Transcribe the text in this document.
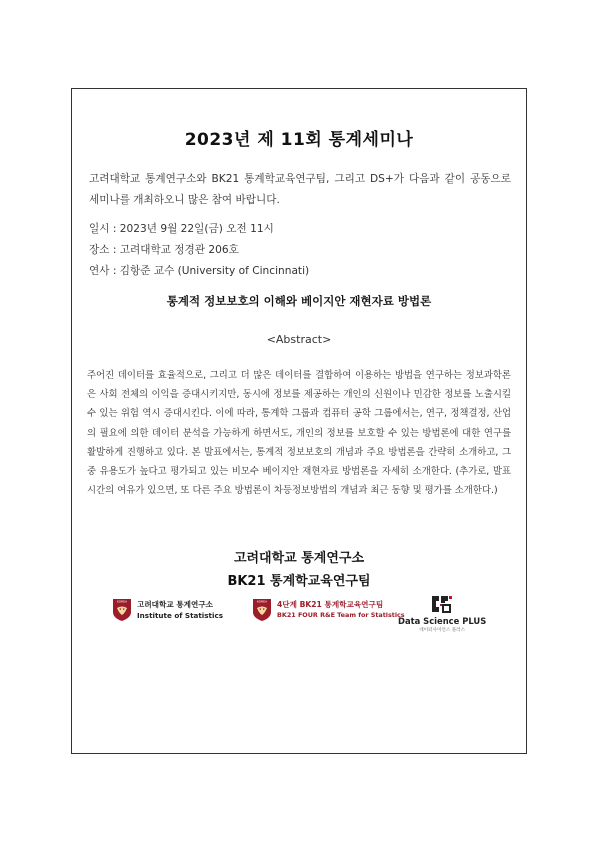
2023년 제 11회 통계세미나
고려대학교 통계연구소와 BK21 통계학교육연구팀, 그리고 DS+가 다음과 같이 공동으로 세미나를 개최하오니 많은 참여 바랍니다.
일시 : 2023년 9월 22일(금) 오전 11시
장소 : 고려대학교 정경관 206호
연사 : 김항준 교수 (University of Cincinnati)
통계적 정보보호의 이해와 베이지안 재현자료 방법론
<Abstract>
주어진 데이터를 효율적으로, 그리고 더 많은 데이터를 결합하여 이용하는 방법을 연구하는 정보과학론은 사회 전체의 이익을 증대시키지만, 동시에 정보를 제공하는 개인의 신원이나 민감한 정보를 노출시킬 수 있는 위험 역시 증대시킨다. 이에 따라, 통계학 그룹과 컴퓨터 공학 그룹에서는, 연구, 정책결정, 산업의 필요에 의한 데이터 분석을 가능하게 하면서도, 개인의 정보를 보호할 수 있는 방법론에 대한 연구를 활발하게 진행하고 있다. 본 발표에서는, 통계적 정보보호의 개념과 주요 방법론을 간략히 소개하고, 그 중 유용도가 높다고 평가되고 있는 비모수 베이지안 재현자료 방법론을 자세히 소개한다. (추가로, 발표시간의 여유가 있으면, 또 다른 주요 방법론이 차등정보방법의 개념과 최근 동향 및 평가를 소개한다.)
고려대학교 통계연구소
BK21 통계학교육연구팀
KOREA 고려대학교 통계연구소
Institute of Statistics
KOREA 4단계 BK21 통계학교육연구팀
BK21 FOUR R&E Team for Statistics
Data Science PLUS
데이터사이언스 플러스
